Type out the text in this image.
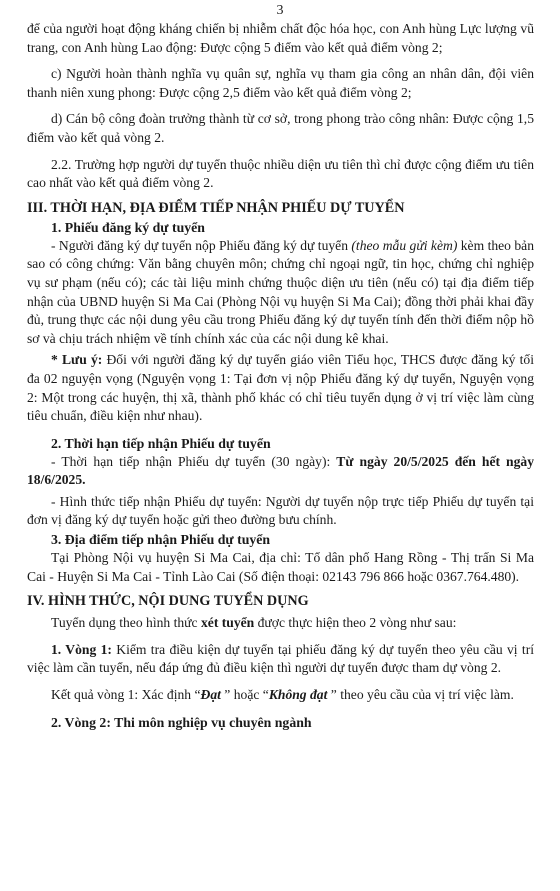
3

để của người hoạt động kháng chiến bị nhiễm chất độc hóa học, con Anh hùng Lực lượng vũ trang, con Anh hùng Lao động: Được cộng 5 điểm vào kết quả điểm vòng 2;

c) Người hoàn thành nghĩa vụ quân sự, nghĩa vụ tham gia công an nhân dân, đội viên thanh niên xung phong: Được cộng 2,5 điểm vào kết quả điểm vòng 2;

d) Cán bộ công đoàn trưởng thành từ cơ sở, trong phong trào công nhân: Được cộng 1,5 điểm vào kết quả vòng 2.

2.2. Trường hợp người dự tuyển thuộc nhiều diện ưu tiên thì chỉ được cộng điểm ưu tiên cao nhất vào kết quả điểm vòng 2.

III. THỜI HẠN, ĐỊA ĐIỂM TIẾP NHẬN PHIẾU DỰ TUYỂN
1. Phiếu đăng ký dự tuyển

- Người đăng ký dự tuyển nộp Phiếu đăng ký dự tuyển (theo mẫu gửi kèm) kèm theo bản sao có công chứng: Văn bằng chuyên môn; chứng chỉ ngoại ngữ, tin học, chứng chỉ nghiệp vụ sư phạm (nếu có); các tài liệu minh chứng thuộc diện ưu tiên (nếu có) tại địa điểm tiếp nhận của UBND huyện Si Ma Cai (Phòng Nội vụ huyện Si Ma Cai); đồng thời phải khai đầy đủ, trung thực các nội dung yêu cầu trong Phiếu đăng ký dự tuyển tính đến thời điểm nộp hồ sơ và chịu trách nhiệm về tính chính xác của các nội dung kê khai.

* Lưu ý: Đối với người đăng ký dự tuyển giáo viên Tiểu học, THCS được đăng ký tối đa 02 nguyện vọng (Nguyện vọng 1: Tại đơn vị nộp Phiếu đăng ký dự tuyển, Nguyện vọng 2: Một trong các huyện, thị xã, thành phố khác có chỉ tiêu tuyển dụng ở vị trí việc làm cùng tiêu chuẩn, điều kiện như nhau).

2. Thời hạn tiếp nhận Phiếu dự tuyển

- Thời hạn tiếp nhận Phiếu dự tuyển (30 ngày): Từ ngày 20/5/2025 đến hết ngày 18/6/2025.

- Hình thức tiếp nhận Phiếu dự tuyển: Người dự tuyển nộp trực tiếp Phiếu dự tuyển tại đơn vị đăng ký dự tuyển hoặc gửi theo đường bưu chính.

3. Địa điểm tiếp nhận Phiếu dự tuyển

Tại Phòng Nội vụ huyện Si Ma Cai, địa chỉ: Tổ dân phố Hang Rồng - Thị trấn Si Ma Cai - Huyện Si Ma Cai - Tỉnh Lào Cai (Số điện thoại: 02143 796 866 hoặc 0367.764.480).

IV. HÌNH THỨC, NỘI DUNG TUYỂN DỤNG

Tuyển dụng theo hình thức xét tuyển được thực hiện theo 2 vòng như sau:

1. Vòng 1: Kiểm tra điều kiện dự tuyển tại phiếu đăng ký dự tuyển theo yêu cầu vị trí việc làm cần tuyển, nếu đáp ứng đủ điều kiện thì người dự tuyển được tham dự vòng 2.

Kết quả vòng 1: Xác định “Đạt ” hoặc “Không đạt ” theo yêu cầu của vị trí việc làm.

2. Vòng 2: Thi môn nghiệp vụ chuyên ngành
